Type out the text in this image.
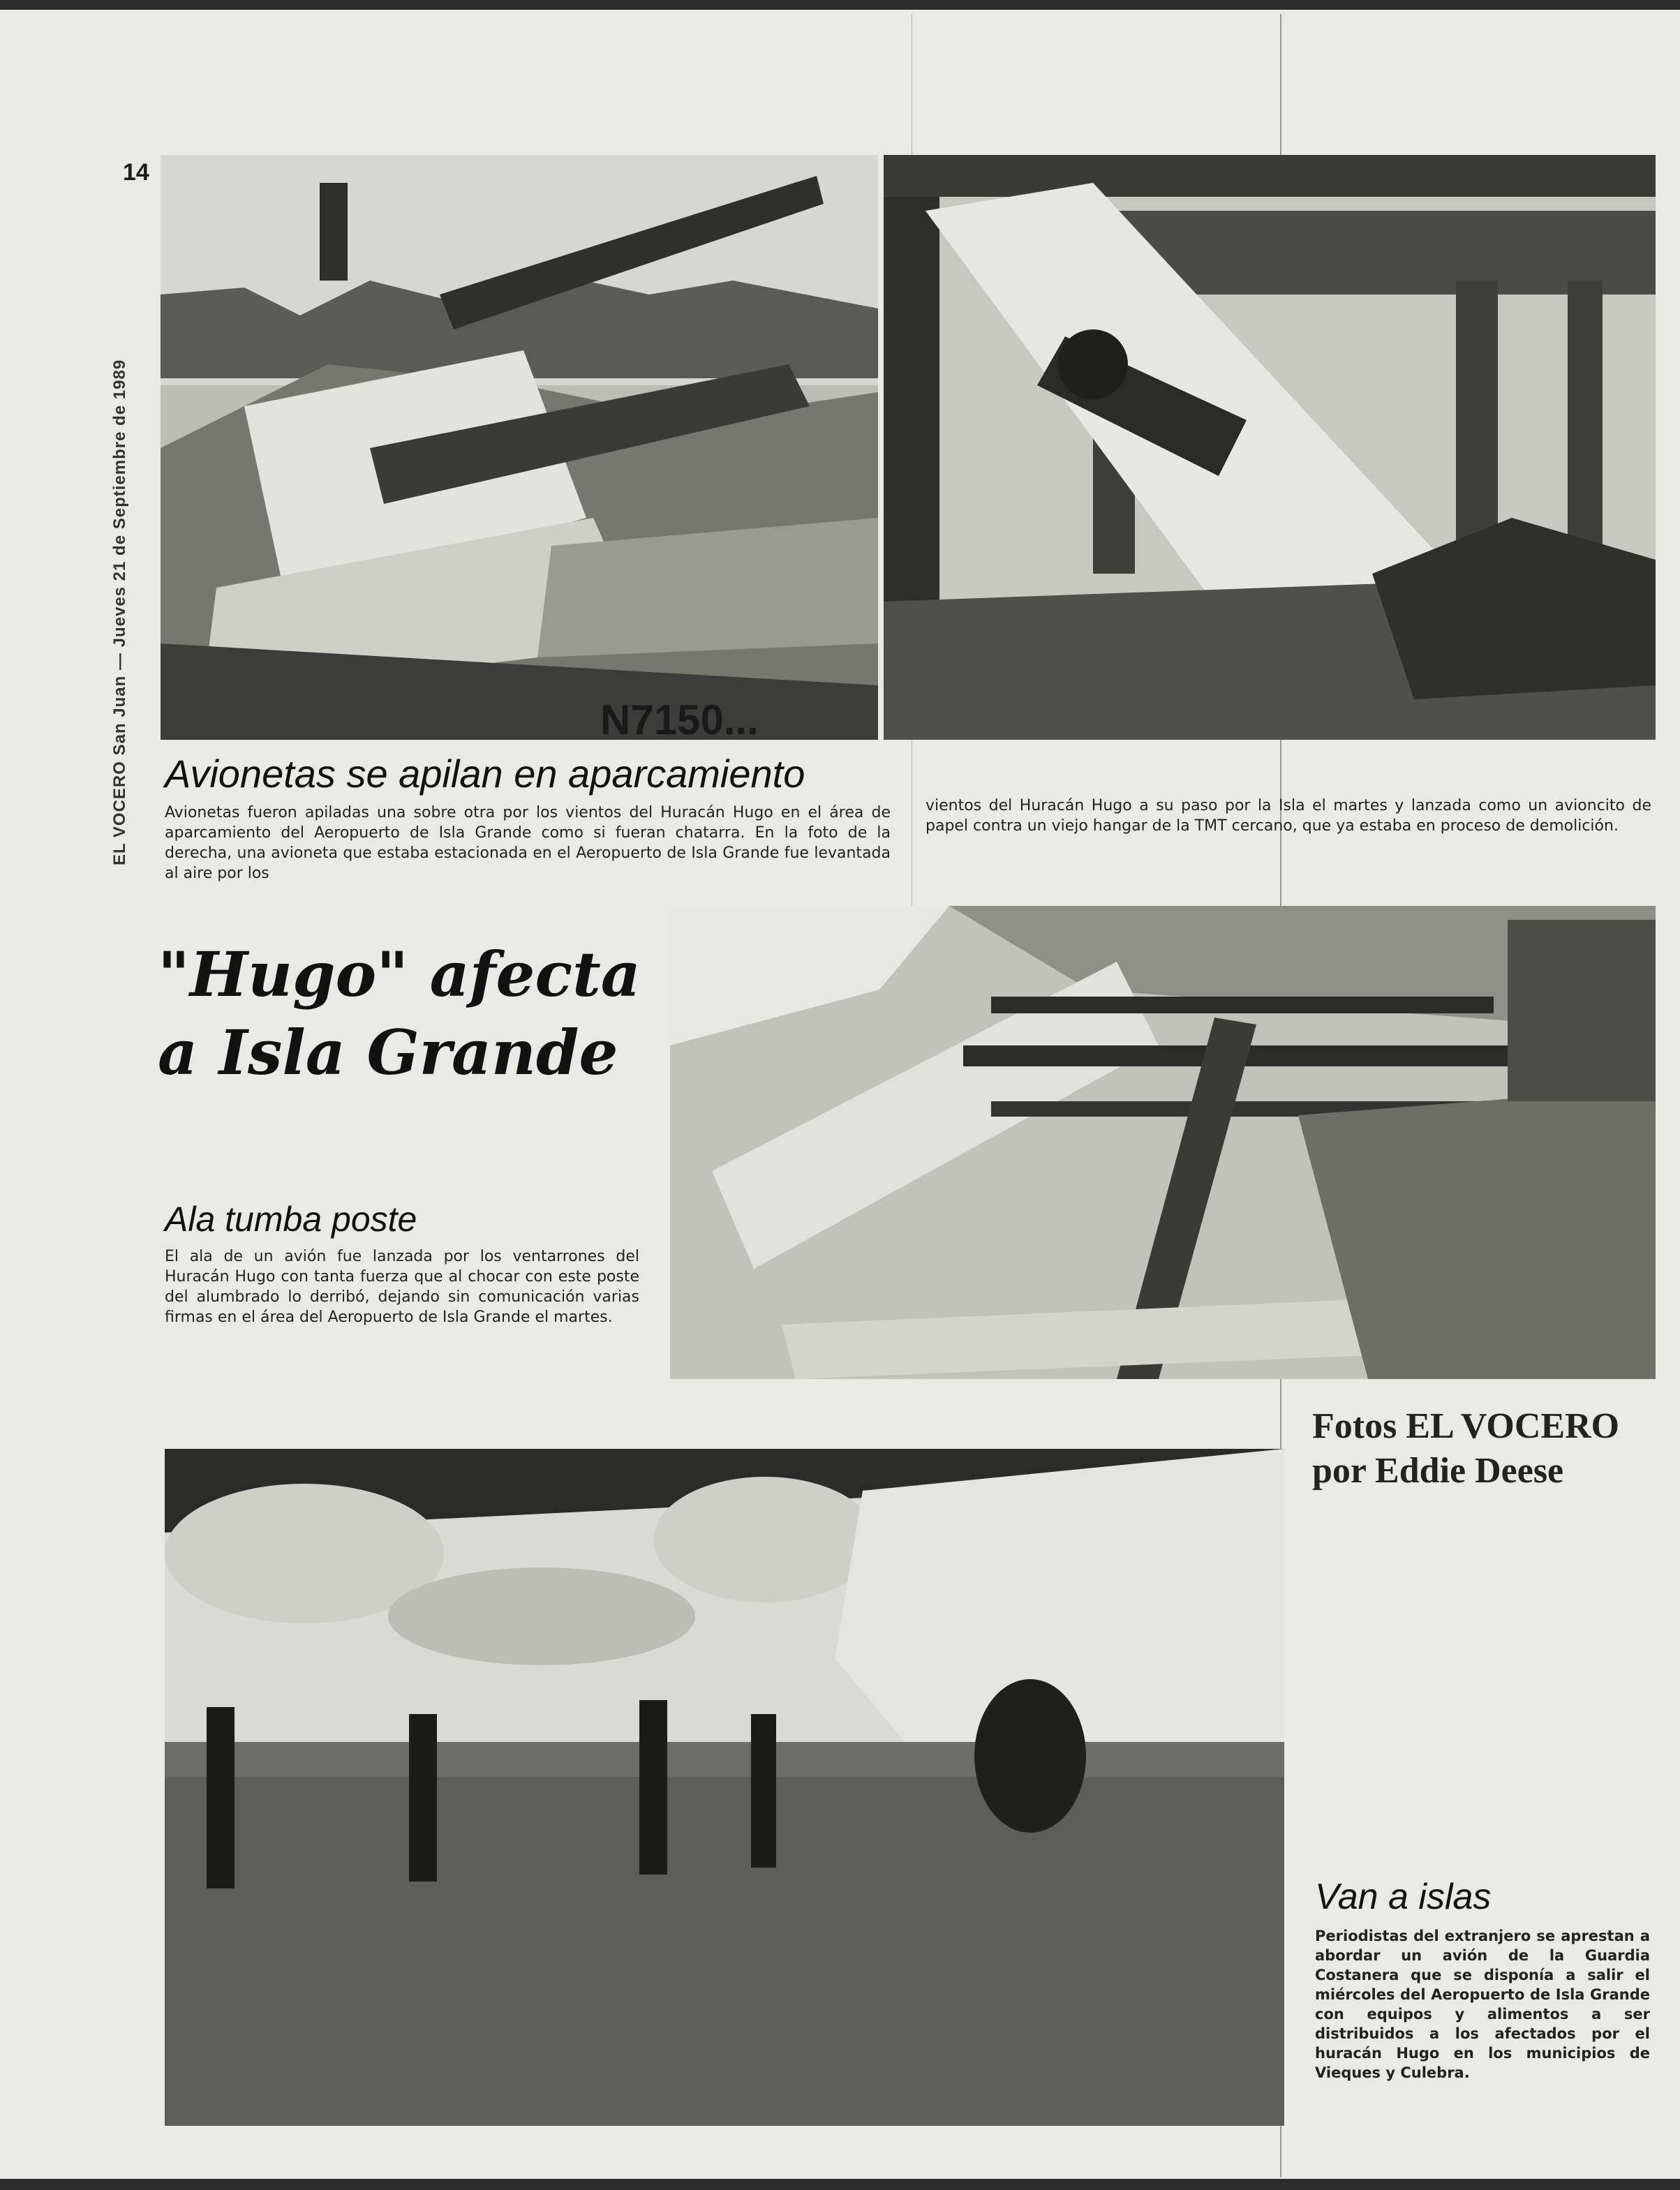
14
EL VOCERO San Juan — Jueves 21 de Septiembre de 1989	N7150...
Avionetas se apilan en aparcamiento
Avionetas fueron apiladas una sobre otra por los vientos del Huracán Hugo en el área de aparcamiento del Aeropuerto de Isla Grande como si fueran chatarra. En la foto de la derecha, una avioneta que estaba estacionada en el Aeropuerto de Isla Grande fue levantada al aire por los
vientos del Huracán Hugo a su paso por la Isla el martes y lanzada como un avioncito de papel contra un viejo hangar de la TMT cercano, que ya estaba en proceso de demolición.
"Hugo" afecta
a Isla Grande
Ala tumba poste
El ala de un avión fue lanzada por los ventarrones del Huracán Hugo con tanta fuerza que al chocar con este poste del alumbrado lo derribó, dejando sin comunicación varias firmas en el área del Aeropuerto de Isla Grande el martes.
Fotos EL VOCERO
por Eddie Deese
Van a islas
Periodistas del extranjero se aprestan a abordar un avión de la Guardia Costanera que se disponía a salir el miércoles del Aeropuerto de Isla Grande con equipos y alimentos a ser distribuidos a los afectados por el huracán Hugo en los municipios de Vieques y Culebra.
